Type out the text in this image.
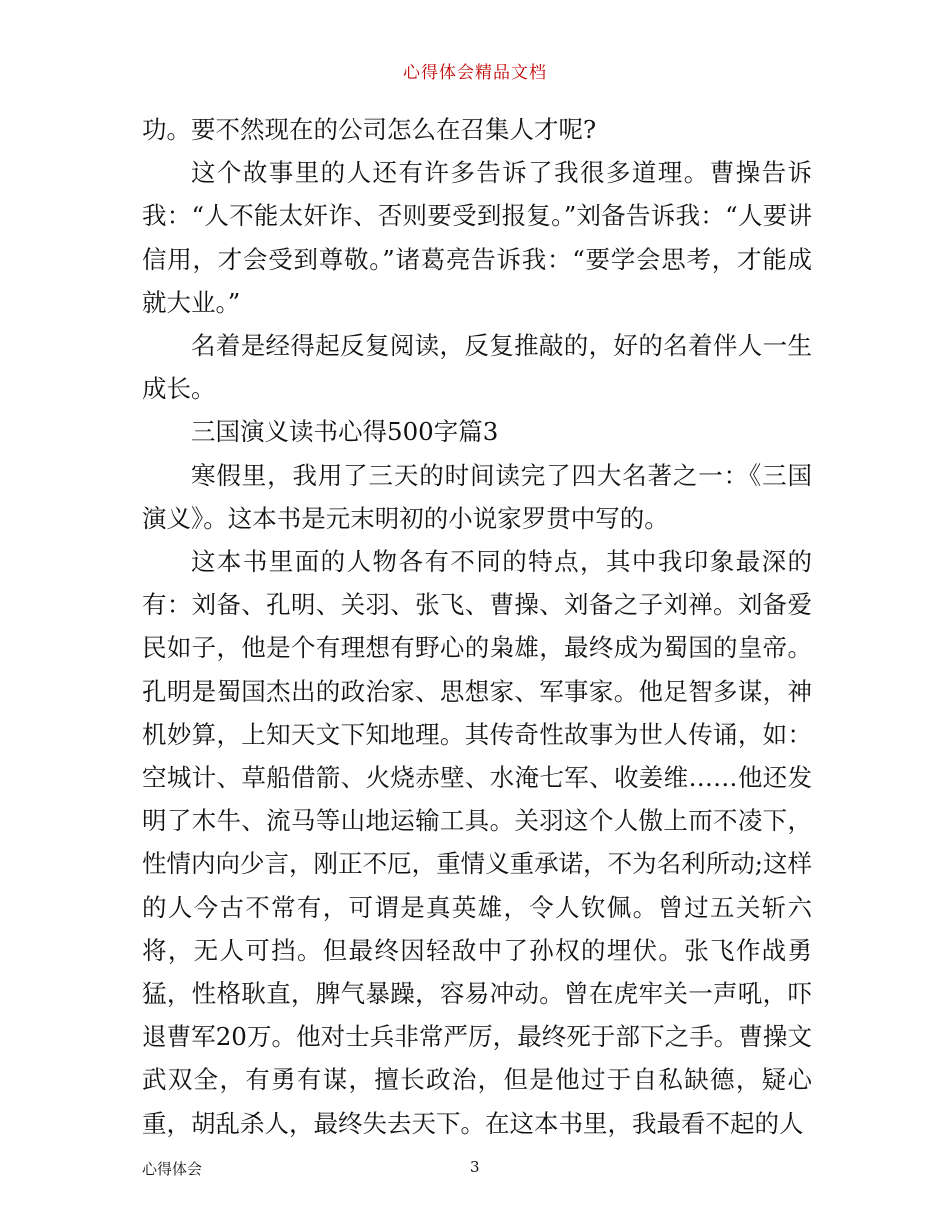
心得体会精品文档

功。要不然现在的公司怎么在召集人才呢?

这个故事里的人还有许多告诉了我很多道理。曹操告诉我：“人不能太奸诈、否则要受到报复。”刘备告诉我：“人要讲信用，才会受到尊敬。”诸葛亮告诉我：“要学会思考，才能成就大业。”

名着是经得起反复阅读，反复推敲的，好的名着伴人一生成长。

三国演义读书心得500字篇3

寒假里，我用了三天的时间读完了四大名著之一：《三国演义》。这本书是元末明初的小说家罗贯中写的。

这本书里面的人物各有不同的特点，其中我印象最深的有：刘备、孔明、关羽、张飞、曹操、刘备之子刘禅。刘备爱民如子，他是个有理想有野心的枭雄，最终成为蜀国的皇帝。孔明是蜀国杰出的政治家、思想家、军事家。他足智多谋，神机妙算，上知天文下知地理。其传奇性故事为世人传诵，如：空城计、草船借箭、火烧赤壁、水淹七军、收姜维……他还发明了木牛、流马等山地运输工具。关羽这个人傲上而不凌下，性情内向少言，刚正不厄，重情义重承诺，不为名利所动;这样的人今古不常有，可谓是真英雄，令人钦佩。曾过五关斩六将，无人可挡。但最终因轻敌中了孙权的埋伏。张飞作战勇猛，性格耿直，脾气暴躁，容易冲动。曾在虎牢关一声吼，吓退曹军20万。他对士兵非常严厉，最终死于部下之手。曹操文武双全，有勇有谋，擅长政治，但是他过于自私缺德，疑心重，胡乱杀人，最终失去天下。在这本书里，我最看不起的人

心得体会	3
